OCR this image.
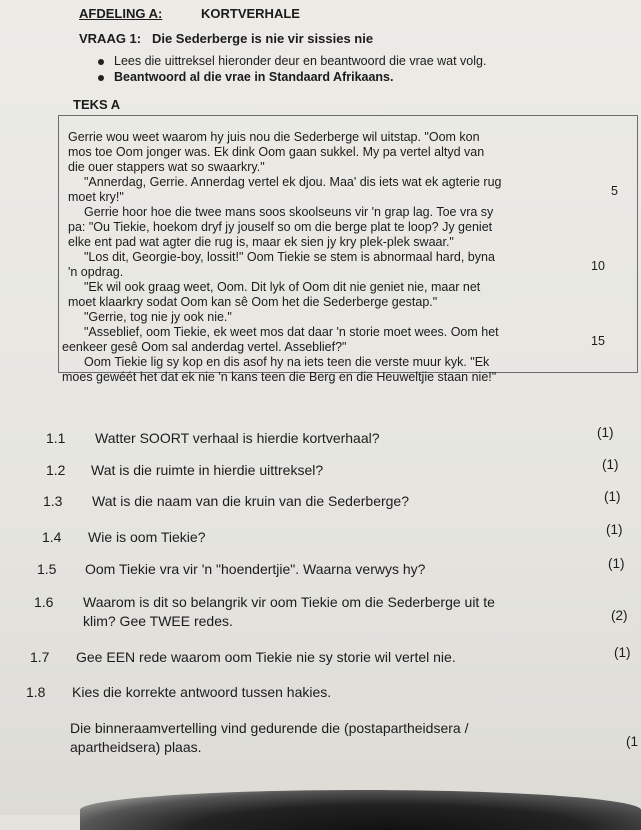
AFDELING A:	KORTVERHALE
VRAAG 1:   Die Sederberge is nie vir sissies nie
Lees die uittreksel hieronder deur en beantwoord die vrae wat volg.
Beantwoord al die vrae in Standaard Afrikaans.
TEKS A
Gerrie wou weet waarom hy juis nou die Sederberge wil uitstap. "Oom kon
mos toe Oom jonger was. Ek dink Oom gaan sukkel. My pa vertel altyd van
die ouer stappers wat so swaarkry."
"Annerdag, Gerrie. Annerdag vertel ek djou. Maa' dis iets wat ek agterie rug
moet kry!"
Gerrie hoor hoe die twee mans soos skoolseuns vir 'n grap lag. Toe vra sy
pa: "Ou Tiekie, hoekom dryf jy jouself so om die berge plat te loop? Jy geniet
elke ent pad wat agter die rug is, maar ek sien jy kry plek-plek swaar."
"Los dit, Georgie-boy, lossit!" Oom Tiekie se stem is abnormaal hard, byna
'n opdrag.
"Ek wil ook graag weet, Oom. Dit lyk of Oom dit nie geniet nie, maar net
moet klaarkry sodat Oom kan sê Oom het die Sederberge gestap."
"Gerrie, tog nie jy ook nie."
"Asseblief, oom Tiekie, ek weet mos dat daar 'n storie moet wees. Oom het
eenkeer gesê Oom sal anderdag vertel. Asseblief?"
Oom Tiekie lig sy kop en dis asof hy na iets teen die verste muur kyk. "Ek
moes gewéét het dat ek nie 'n kans teen die Berg en die Heuweltjie staan nie!"
5
10
15
1.1 Watter SOORT verhaal is hierdie kortverhaal?	(1)
1.2 Wat is die ruimte in hierdie uittreksel?	(1)
1.3 Wat is die naam van die kruin van die Sederberge?	(1)
1.4 Wie is oom Tiekie?	(1)
1.5 Oom Tiekie vra vir 'n "hoendertjie". Waarna verwys hy?	(1)
1.6 Waarom is dit so belangrik vir oom Tiekie om die Sederberge uit te
klim? Gee TWEE redes.	(2)
1.7 Gee EEN rede waarom oom Tiekie nie sy storie wil vertel nie.	(1)
1.8 Kies die korrekte antwoord tussen hakies.
Die binneraamvertelling vind gedurende die (postapartheidsera /
apartheidsera) plaas.	(1
